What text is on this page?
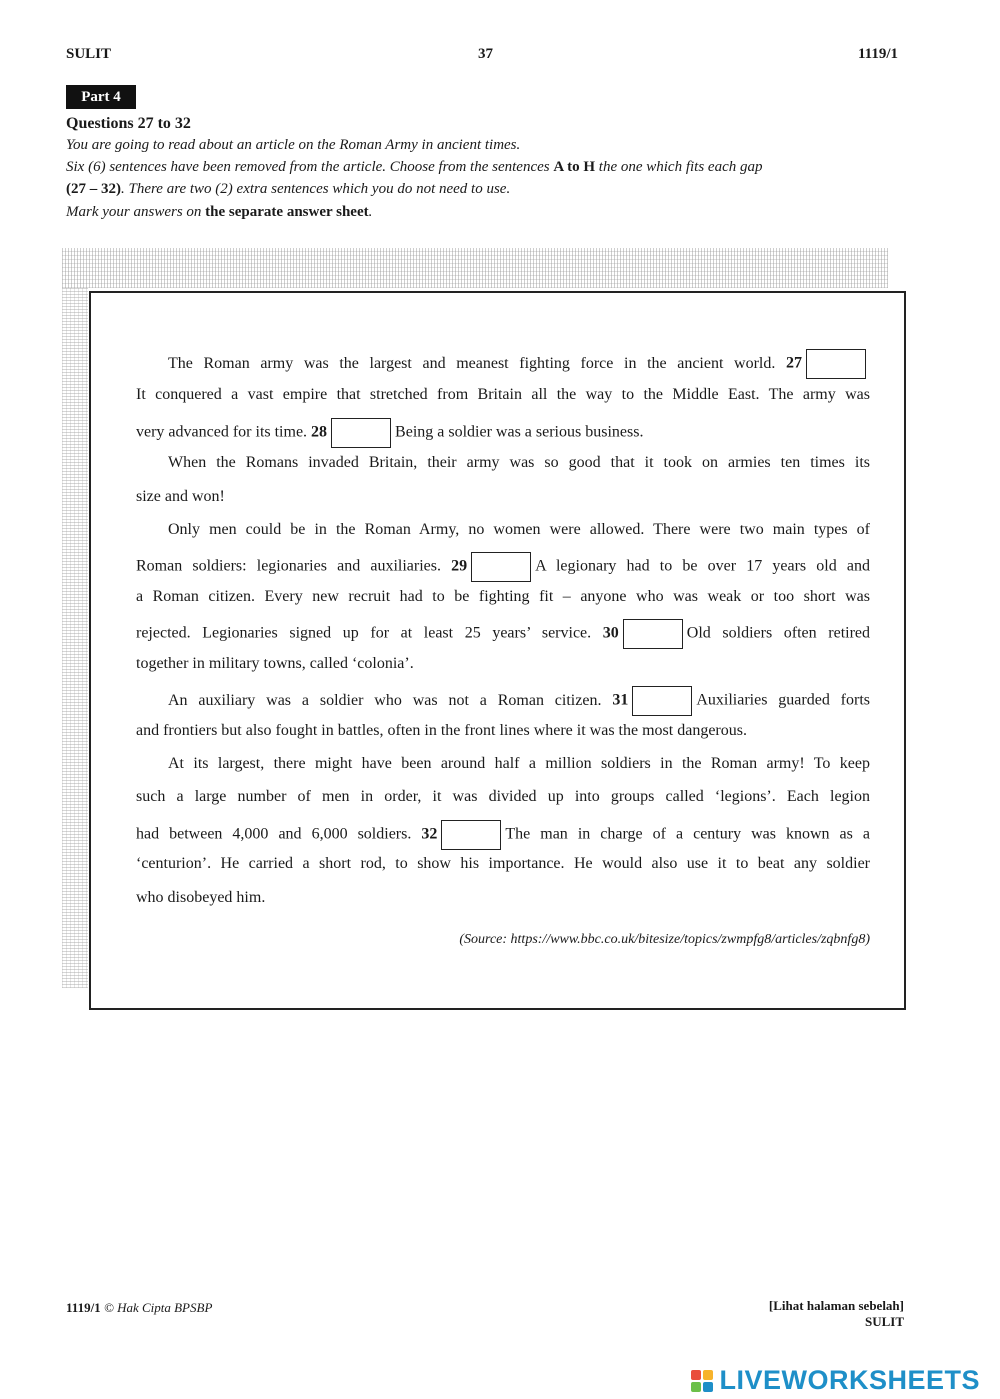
SULIT	37	1119/1
Part 4
Questions 27 to 32
You are going to read about an article on the Roman Army in ancient times.
Six (6) sentences have been removed from the article. Choose from the sentences A to H the one which fits each gap
(27 – 32). There are two (2) extra sentences which you do not need to use.
Mark your answers on the separate answer sheet.
The Roman army was the largest and meanest fighting force in the ancient world. 27
It conquered a vast empire that stretched from Britain all the way to the Middle East. The army was
very advanced for its time. 28	Being a soldier was a serious business.
When the Romans invaded Britain, their army was so good that it took on armies ten times its
size and won!
Only men could be in the Roman Army, no women were allowed. There were two main types of
Roman soldiers: legionaries and auxiliaries. 29	A legionary had to be over 17 years old and
a Roman citizen. Every new recruit had to be fighting fit – anyone who was weak or too short was
rejected. Legionaries signed up for at least 25 years’ service. 30	Old soldiers often retired
together in military towns, called ‘colonia’.
An auxiliary was a soldier who was not a Roman citizen. 31	Auxiliaries guarded forts
and frontiers but also fought in battles, often in the front lines where it was the most dangerous.
At its largest, there might have been around half a million soldiers in the Roman army! To keep
such a large number of men in order, it was divided up into groups called ‘legions’. Each legion
had between 4,000 and 6,000 soldiers. 32	The man in charge of a century was known as a
‘centurion’. He carried a short rod, to show his importance. He would also use it to beat any soldier
who disobeyed him.
(Source: https://www.bbc.co.uk/bitesize/topics/zwmpfg8/articles/zqbnfg8)
1119/1 © Hak Cipta BPSBP	[Lihat halaman sebelah]
SULIT
LIVEWORKSHEETS
